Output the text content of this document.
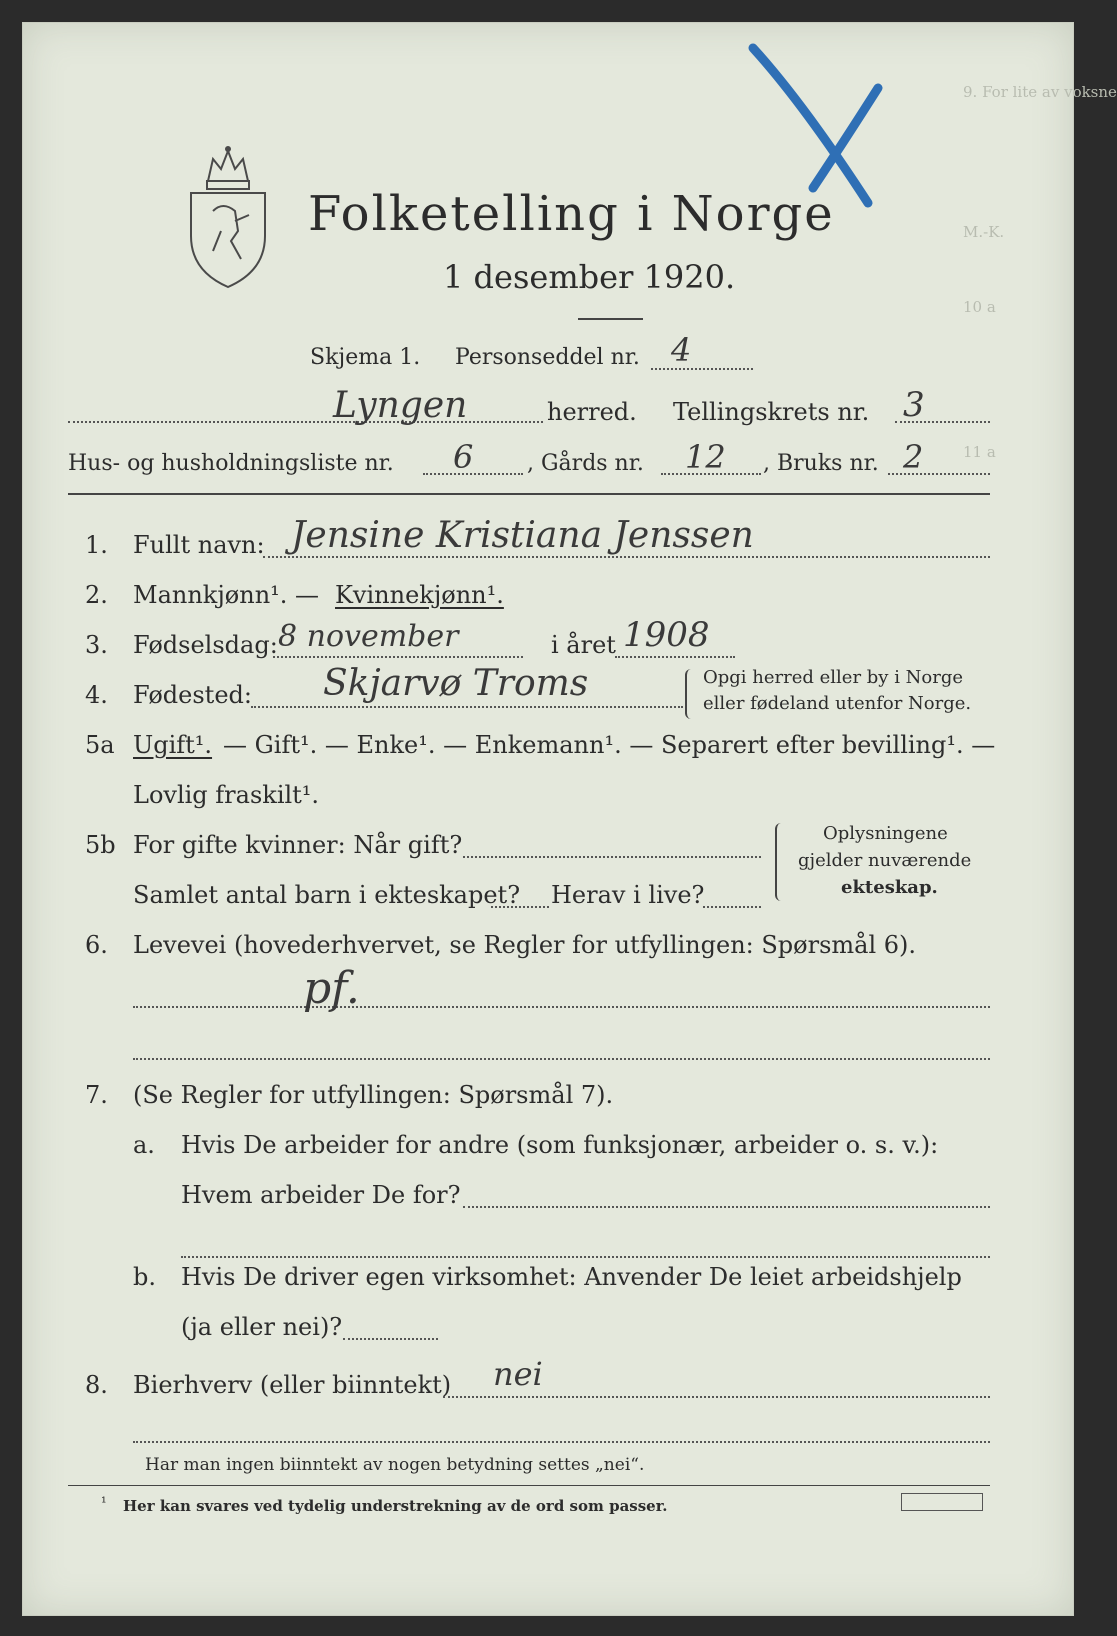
9. For lite av voksne
M.-K.
10 a
11 a
Folketelling i Norge
1 desember 1920.
Skjema 1. Personseddel nr. 4
Lyngen	herred. Tellingskrets nr. 3
Hus- og husholdningsliste nr. 6 , Gårds nr. 12 , Bruks nr. 2
1. Fullt navn: Jensine Kristiana Jenssen
2. Mannkjønn¹. — Kvinnekjønn¹.
3. Fødselsdag: 8 november	i året 1908
4. Fødested: Skjarvø Troms	Opgi herred eller by i Norge
eller fødeland utenfor Norge.
5a Ugift¹. — Gift¹. — Enke¹. — Enkemann¹. — Separert efter bevilling¹. —
Lovlig fraskilt¹.
5b For gifte kvinner: Når gift?
Samlet antal barn i ekteskapet? Herav i live?
Oplysningene
gjelder nuværende
ekteskap.
6. Levevei (hovederhvervet, se Regler for utfyllingen: Spørsmål 6).
pf.
7. (Se Regler for utfyllingen: Spørsmål 7).
a. Hvis De arbeider for andre (som funksjonær, arbeider o. s. v.):
Hvem arbeider De for?
b. Hvis De driver egen virksomhet: Anvender De leiet arbeidshjelp
(ja eller nei)?
8. Bierhverv (eller biinntekt) nei
Har man ingen biinntekt av nogen betydning settes „nei“.
¹ Her kan svares ved tydelig understrekning av de ord som passer.
